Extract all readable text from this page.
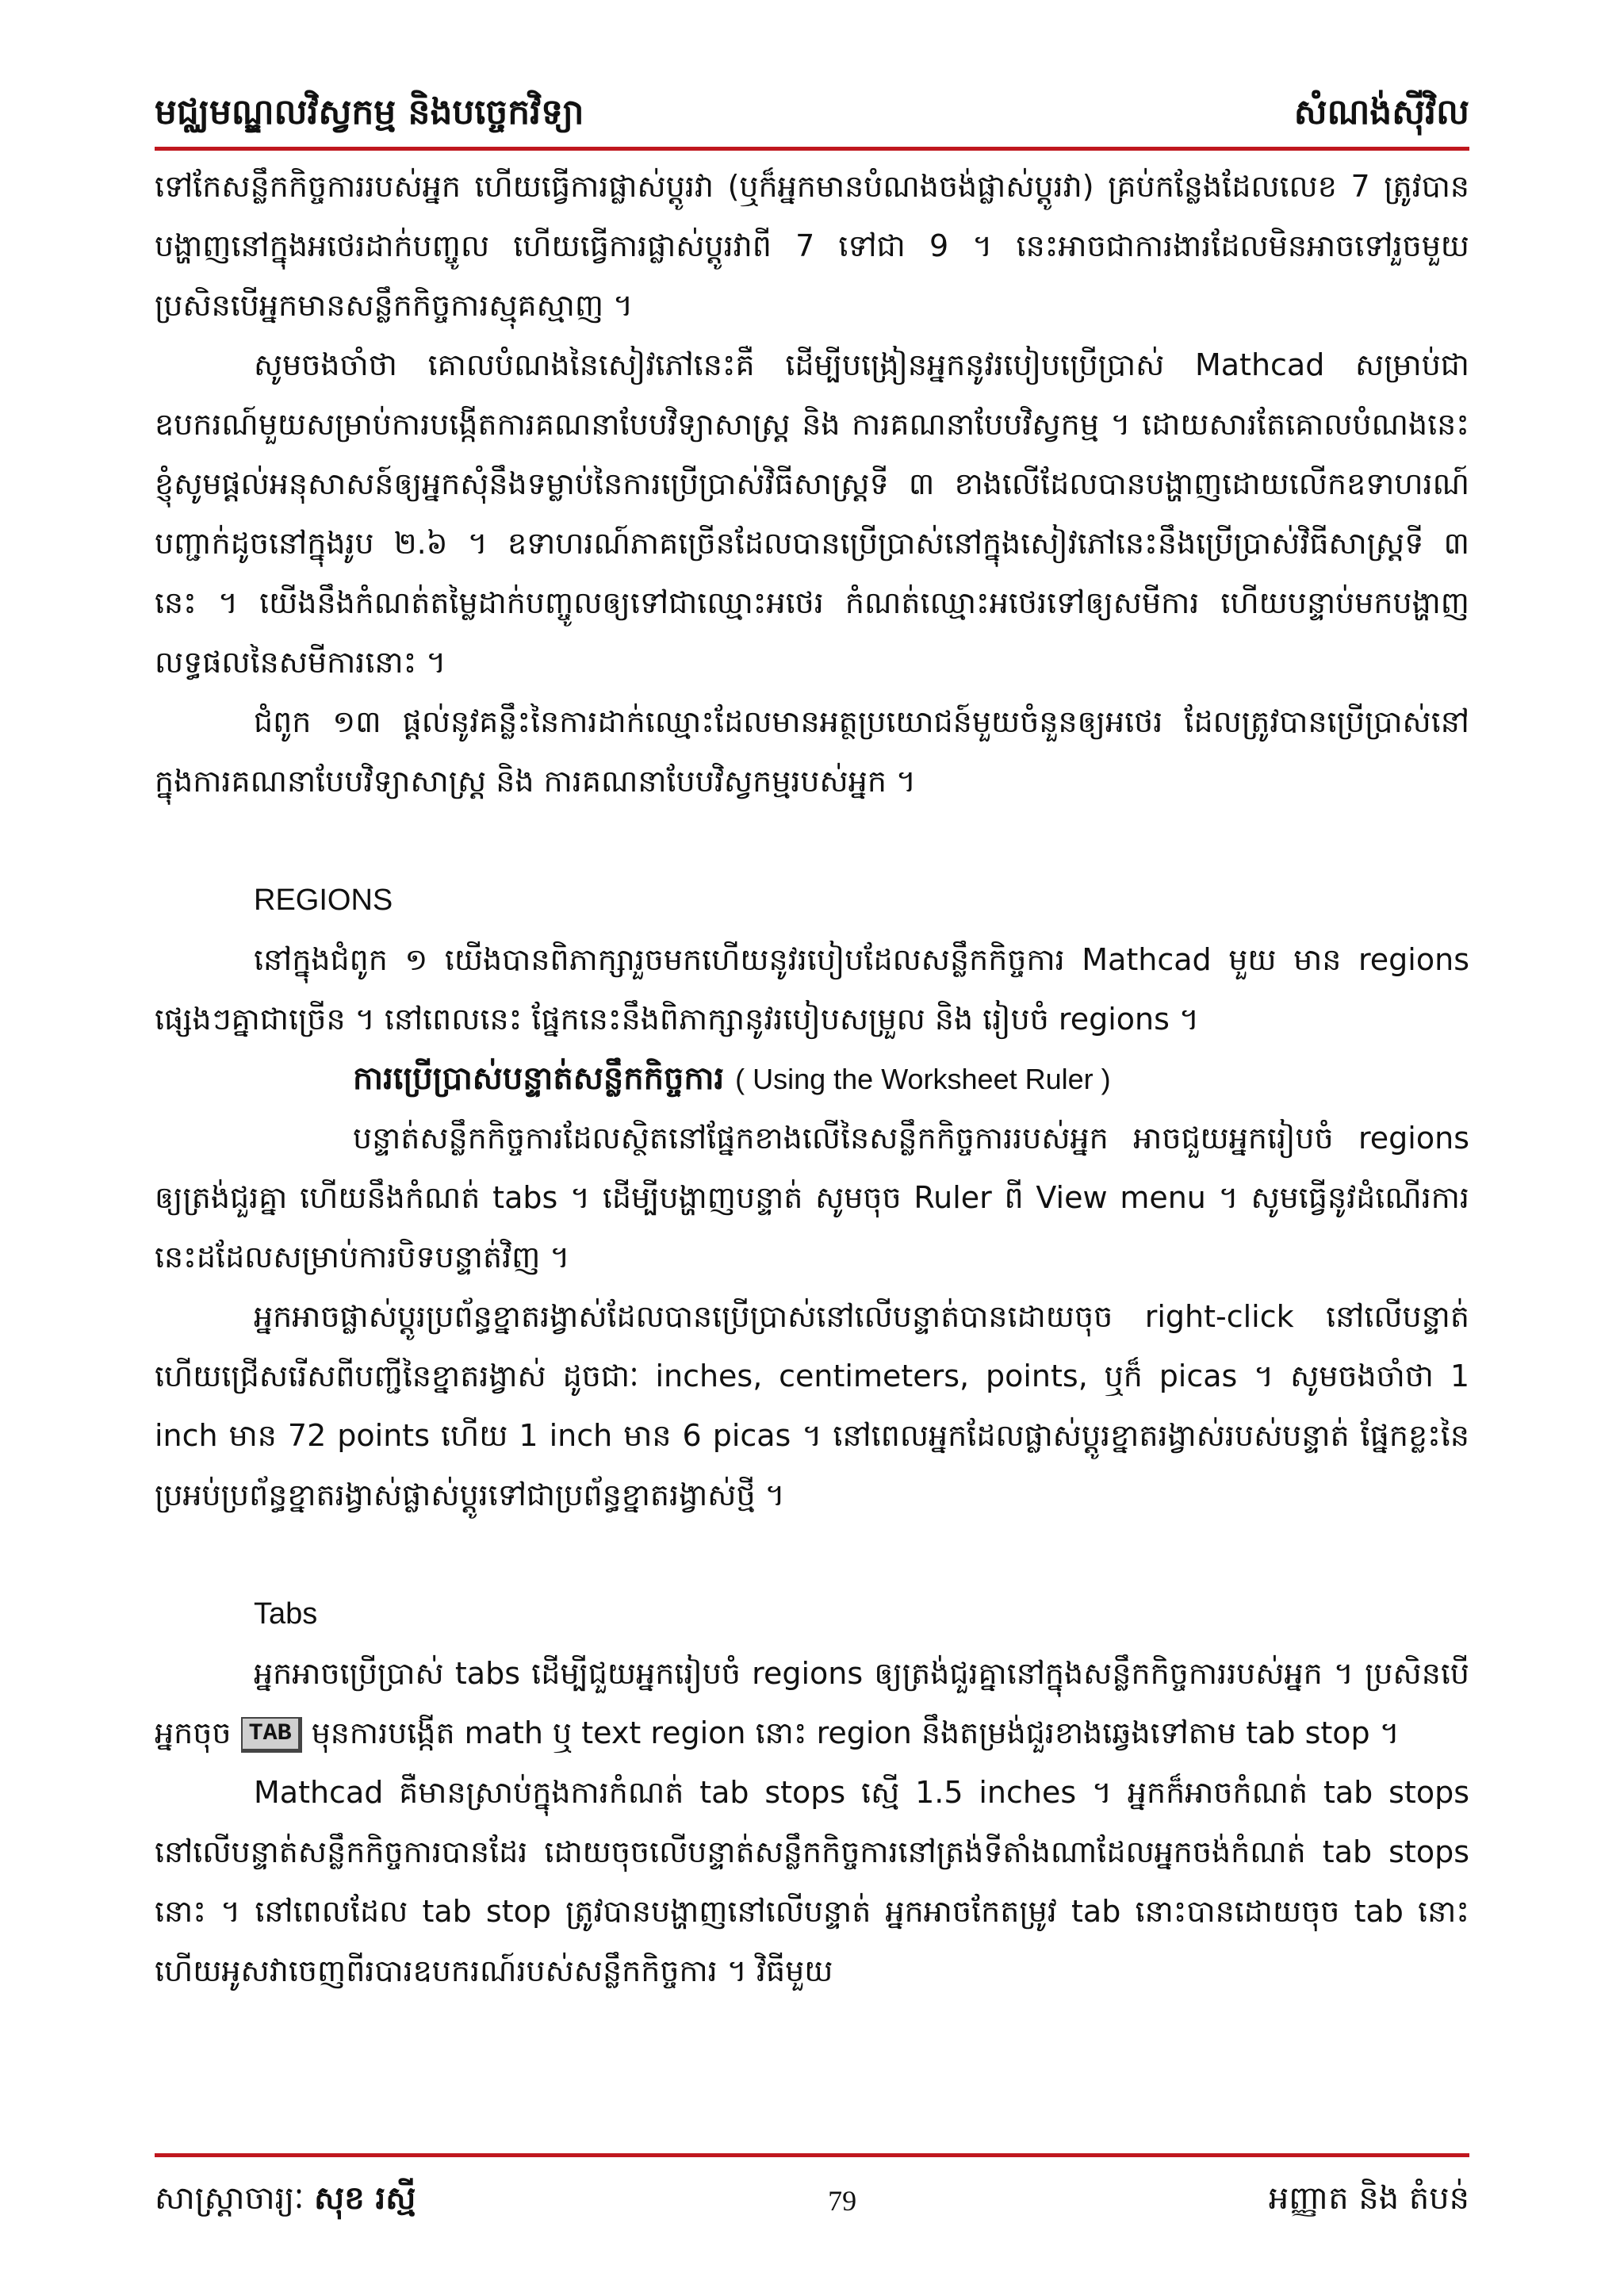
មជ្ឈមណ្ឌលវិស្វកម្ម និងបច្ចេកវិទ្យា	សំណង់ស៊ីវិល

ទៅកែសន្លឹកកិច្ចការរបស់អ្នក ហើយធ្វើការផ្លាស់ប្តូរវា (ឬក៏អ្នកមានបំណងចង់ផ្លាស់ប្តូរវា) គ្រប់កន្លែងដែលលេខ 7 ត្រូវបានបង្ហាញនៅក្នុងអថេរដាក់បញ្ចូល ហើយធ្វើការផ្លាស់ប្តូរវាពី 7 ទៅជា 9 ។ នេះអាចជាការងារដែលមិនអាចទៅរួចមួយ ប្រសិនបើអ្នកមានសន្លឹកកិច្ចការស្មុគស្មាញ ។

សូមចងចាំថា គោលបំណងនៃសៀវភៅនេះគឺ ដើម្បីបង្រៀនអ្នកនូវរបៀបប្រើប្រាស់ Mathcad សម្រាប់ជាឧបករណ៍មួយសម្រាប់ការបង្កើតការគណនាបែបវិទ្យាសាស្ត្រ និង ការគណនាបែបវិស្វកម្ម ។ ដោយសារតែគោលបំណងនេះ ខ្ញុំសូមផ្តល់អនុសាសន៍ឲ្យអ្នកសុំនឹងទម្លាប់នៃការប្រើប្រាស់វិធីសាស្ត្រទី ៣ ខាងលើដែលបានបង្ហាញដោយលើកឧទាហរណ៍បញ្ជាក់ដូចនៅក្នុងរូប ២.៦ ។ ឧទាហរណ៍ភាគច្រើនដែលបានប្រើប្រាស់នៅក្នុងសៀវភៅនេះនឹងប្រើប្រាស់វិធីសាស្ត្រទី ៣ នេះ ។ យើងនឹងកំណត់តម្លៃដាក់បញ្ចូលឲ្យទៅជាឈ្មោះអថេរ កំណត់ឈ្មោះអថេរទៅឲ្យសមីការ ហើយបន្ទាប់មកបង្ហាញលទ្ធផលនៃសមីការនោះ ។

ជំពូក ១៣ ផ្តល់នូវគន្លឹះនៃការដាក់ឈ្មោះដែលមានអត្ថប្រយោជន៍មួយចំនួនឲ្យអថេរ ដែលត្រូវបានប្រើប្រាស់នៅក្នុងការគណនាបែបវិទ្យាសាស្ត្រ និង ការគណនាបែបវិស្វកម្មរបស់អ្នក ។

REGIONS

នៅក្នុងជំពូក ១ យើងបានពិភាក្សារួចមកហើយនូវរបៀបដែលសន្លឹកកិច្ចការ Mathcad មួយ មាន regions ផ្សេងៗគ្នាជាច្រើន ។ នៅពេលនេះ ផ្នែកនេះនឹងពិភាក្សានូវរបៀបសម្រួល និង រៀបចំ regions ។

ការប្រើប្រាស់បន្ទាត់សន្លឹកកិច្ចការ ( Using the Worksheet Ruler )

បន្ទាត់សន្លឹកកិច្ចការដែលស្ថិតនៅផ្នែកខាងលើនៃសន្លឹកកិច្ចការរបស់អ្នក អាចជួយអ្នករៀបចំ regions ឲ្យត្រង់ជួរគ្នា ហើយនឹងកំណត់ tabs ។ ដើម្បីបង្ហាញបន្ទាត់ សូមចុច Ruler ពី View menu ។ សូមធ្វើនូវដំណើរការនេះដដែលសម្រាប់ការបិទបន្ទាត់វិញ ។

អ្នកអាចផ្លាស់ប្តូរប្រព័ន្ធខ្នាតរង្វាស់ដែលបានប្រើប្រាស់នៅលើបន្ទាត់បានដោយចុច right-click នៅលើបន្ទាត់ ហើយជ្រើសរើសពីបញ្ជីនៃខ្នាតរង្វាស់ ដូចជាៈ inches, centimeters, points, ឬក៏ picas ។ សូមចងចាំថា 1 inch មាន 72 points ហើយ 1 inch មាន 6 picas ។ នៅពេលអ្នកដែលផ្លាស់ប្តូរខ្នាតរង្វាស់របស់បន្ទាត់ ផ្នែកខ្លះនៃប្រអប់ប្រព័ន្ធខ្នាតរង្វាស់ផ្លាស់ប្តូរទៅជាប្រព័ន្ធខ្នាតរង្វាស់ថ្មី ។

Tabs

អ្នកអាចប្រើប្រាស់ tabs ដើម្បីជួយអ្នករៀបចំ regions ឲ្យត្រង់ជួរគ្នានៅក្នុងសន្លឹកកិច្ចការរបស់អ្នក ។ ប្រសិនបើអ្នកចុច TAB មុនការបង្កើត math ឬ text region នោះ region នឹងតម្រង់ជួរខាងឆ្វេងទៅតាម tab stop ។

Mathcad គឺមានស្រាប់ក្នុងការកំណត់ tab stops ស្មើ 1.5 inches ។ អ្នកក៏អាចកំណត់ tab stops នៅលើបន្ទាត់សន្លឹកកិច្ចការបានដែរ ដោយចុចលើបន្ទាត់សន្លឹកកិច្ចការនៅត្រង់ទីតាំងណាដែលអ្នកចង់កំណត់ tab stops នោះ ។ នៅពេលដែល tab stop ត្រូវបានបង្ហាញនៅលើបន្ទាត់ អ្នកអាចកែតម្រូវ tab នោះបានដោយចុច tab នោះ ហើយអូសវាចេញពីរបារឧបករណ៍របស់សន្លឹកកិច្ចការ ។ វិធីមួយ

សាស្ត្រាចារ្យៈ សុខ រស្មី	79	អញ្ញាត និង តំបន់
